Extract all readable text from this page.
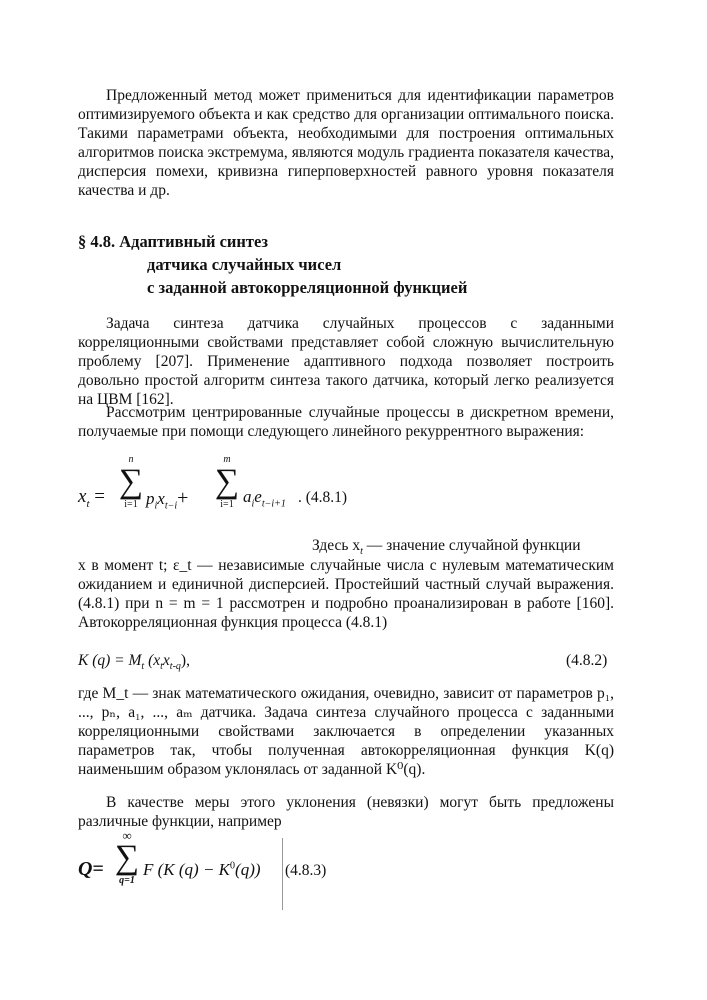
Предложенный метод может примениться для идентификации параметров оптимизируемого объекта и как средство для организации оптимального поиска. Такими параметрами объекта, необходимыми для построения оптимальных алгоритмов поиска экстремума, являются модуль градиента показателя качества, дисперсия помехи, кривизна гиперповерхностей равного уровня показателя качества и др.
§ 4.8. Адаптивный синтез
датчика случайных чисел
с заданной автокорреляционной функцией
Задача синтеза датчика случайных процессов с заданными корреляционными свойствами представляет собой сложную вычислительную проблему [207]. Применение адаптивного подхода позволяет построить довольно простой алгоритм синтеза такого датчика, который легко реализуется на ЦВМ [162].
Рассмотрим центрированные случайные процессы в дискретном времени, получаемые при помощи следующего линейного рекуррентного выражения:
$x_t$ =
n
∑
i=1 $p_ix_{t-i}+$
m
∑
i=1 $a_ie_{t-i+1}$ . (4.8.1)
Здесь $x_t$ — значение случайной функции
x в момент t; ε_t — независимые случайные числа с нулевым математическим ожиданием и единичной дисперсией. Простейший частный случай выражения. (4.8.1) при n = m = 1 рассмотрен и подробно проанализирован в работе [160]. Автокорреляционная функция процесса (4.8.1)
K $(q) = M_t$ $(x_tx_{t-q})$,	(4.8.2)
где M_t — знак математического ожидания, очевидно, зависит от параметров p₁, ..., pₙ, a₁, ..., aₘ датчика. Задача синтеза случайного процесса с заданными корреляционными свойствами заключается в определении указанных параметров так, чтобы полученная автокорреляционная функция K(q) наименьшим образом уклонялась от заданной K⁰(q).
В качестве меры этого уклонения (невязки) могут быть предложены различные функции, например
Q=
∞
∑
q=1
F (K $(q) - K^0(q)$) (4.8.3)
